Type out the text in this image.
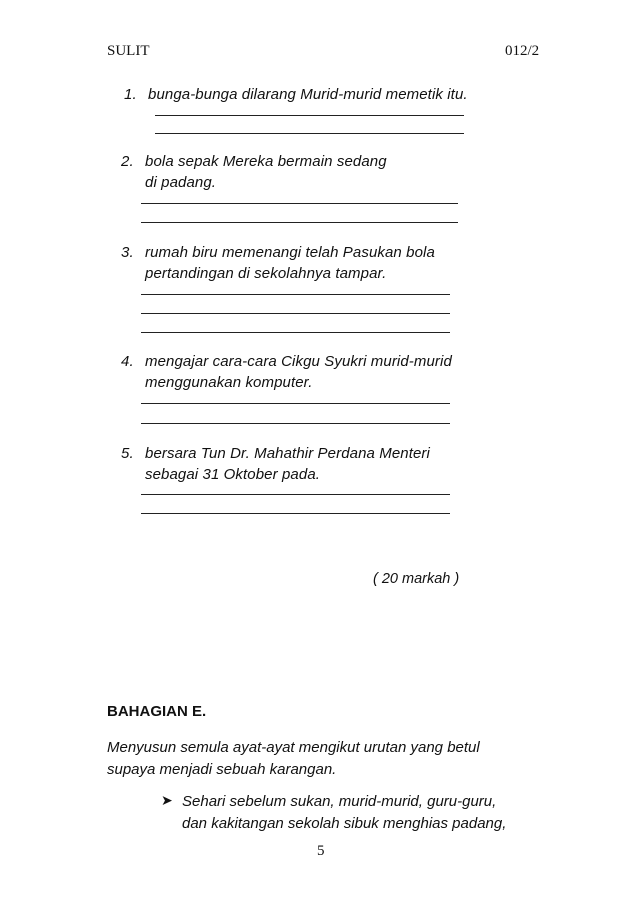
SULIT	012/2
1. bunga-bunga dilarang Murid-murid memetik itu.
2. bola sepak Mereka bermain sedang
di padang.
3. rumah biru memenangi telah Pasukan bola
pertandingan di sekolahnya tampar.
4. mengajar cara-cara Cikgu Syukri murid-murid
menggunakan komputer.
5. bersara Tun Dr. Mahathir Perdana Menteri
sebagai 31 Oktober pada.
( 20 markah )
BAHAGIAN E.
Menyusun semula ayat-ayat mengikut urutan yang betul
supaya menjadi sebuah karangan.
➤ Sehari sebelum sukan, murid-murid, guru-guru,
dan kakitangan sekolah sibuk menghias padang,
5
